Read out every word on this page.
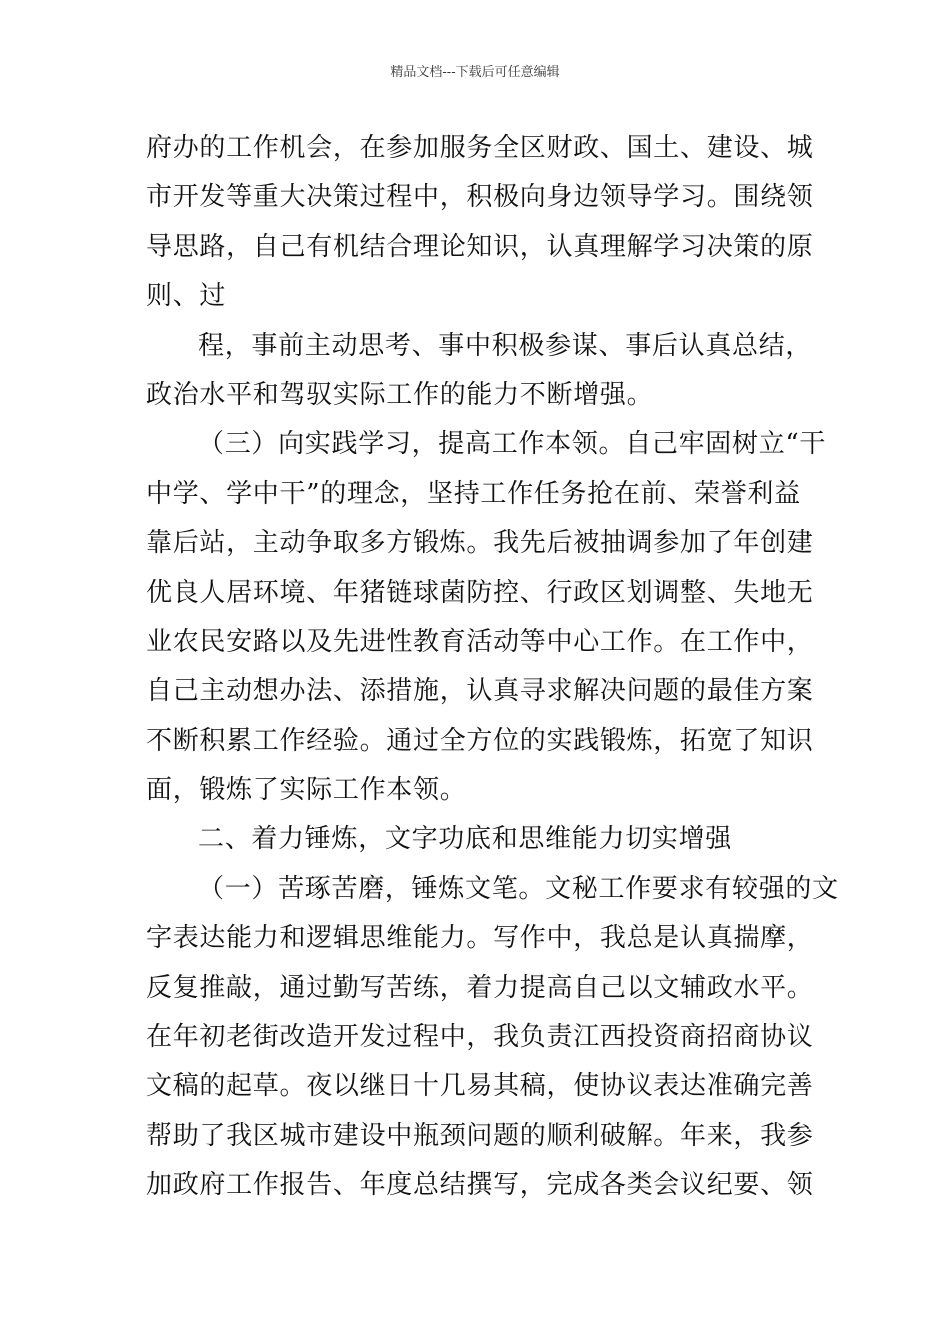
精品文档---下载后可任意编辑
府办的工作机会，在参加服务全区财政、国土、建设、城
市开发等重大决策过程中，积极向身边领导学习。围绕领
导思路，自己有机结合理论知识，认真理解学习决策的原
则、过
程，事前主动思考、事中积极参谋、事后认真总结，
政治水平和驾驭实际工作的能力不断增强。
（三）向实践学习，提高工作本领。自己牢固树立“干
中学、学中干”的理念，坚持工作任务抢在前、荣誉利益
靠后站，主动争取多方锻炼。我先后被抽调参加了年创建
优良人居环境、年猪链球菌防控、行政区划调整、失地无
业农民安路以及先进性教育活动等中心工作。在工作中，
自己主动想办法、添措施，认真寻求解决问题的最佳方案
不断积累工作经验。通过全方位的实践锻炼，拓宽了知识
面，锻炼了实际工作本领。
二、着力锤炼，文字功底和思维能力切实增强
（一）苦琢苦磨，锤炼文笔。文秘工作要求有较强的文
字表达能力和逻辑思维能力。写作中，我总是认真揣摩，
反复推敲，通过勤写苦练，着力提高自己以文辅政水平。
在年初老街改造开发过程中，我负责江西投资商招商协议
文稿的起草。夜以继日十几易其稿，使协议表达准确完善
帮助了我区城市建设中瓶颈问题的顺利破解。年来，我参
加政府工作报告、年度总结撰写，完成各类会议纪要、领
